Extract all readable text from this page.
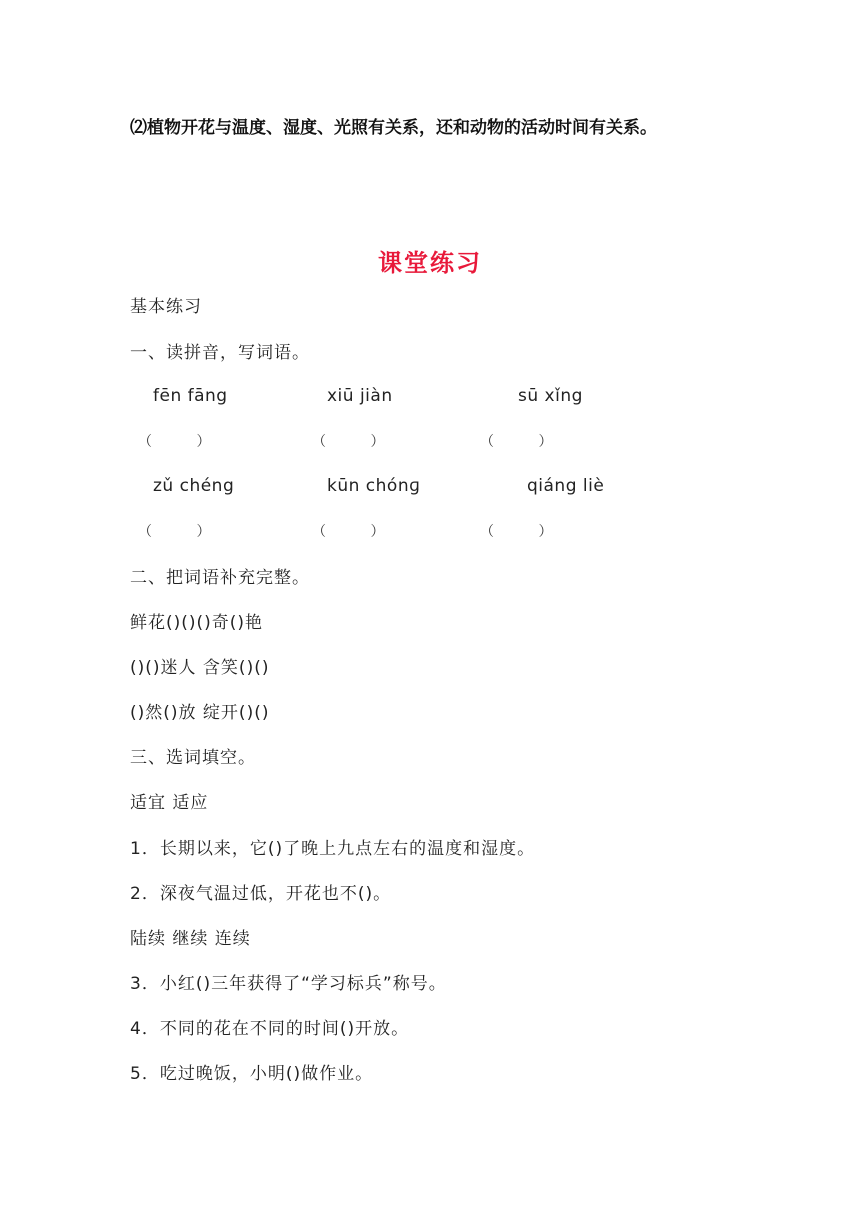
⑵植物开花与温度、湿度、光照有关系，还和动物的活动时间有关系。
课堂练习
基本练习
一、读拼音，写词语。
fēn fāng	xiū jiàn	sū xǐng
（          ）	（          ）	（          ）
zǔ chéng	kūn chónɡ	qiáng liè
（          ）	（          ）	（          ）
二、把词语补充完整。
鲜花()()()奇()艳
()()迷人 含笑()()
()然()放 绽开()()
三、选词填空。
适宜 适应
1．长期以来，它()了晚上九点左右的温度和湿度。
2．深夜气温过低，开花也不()。
陆续 继续 连续
3．小红()三年获得了“学习标兵”称号。
4．不同的花在不同的时间()开放。
5．吃过晚饭，小明()做作业。
